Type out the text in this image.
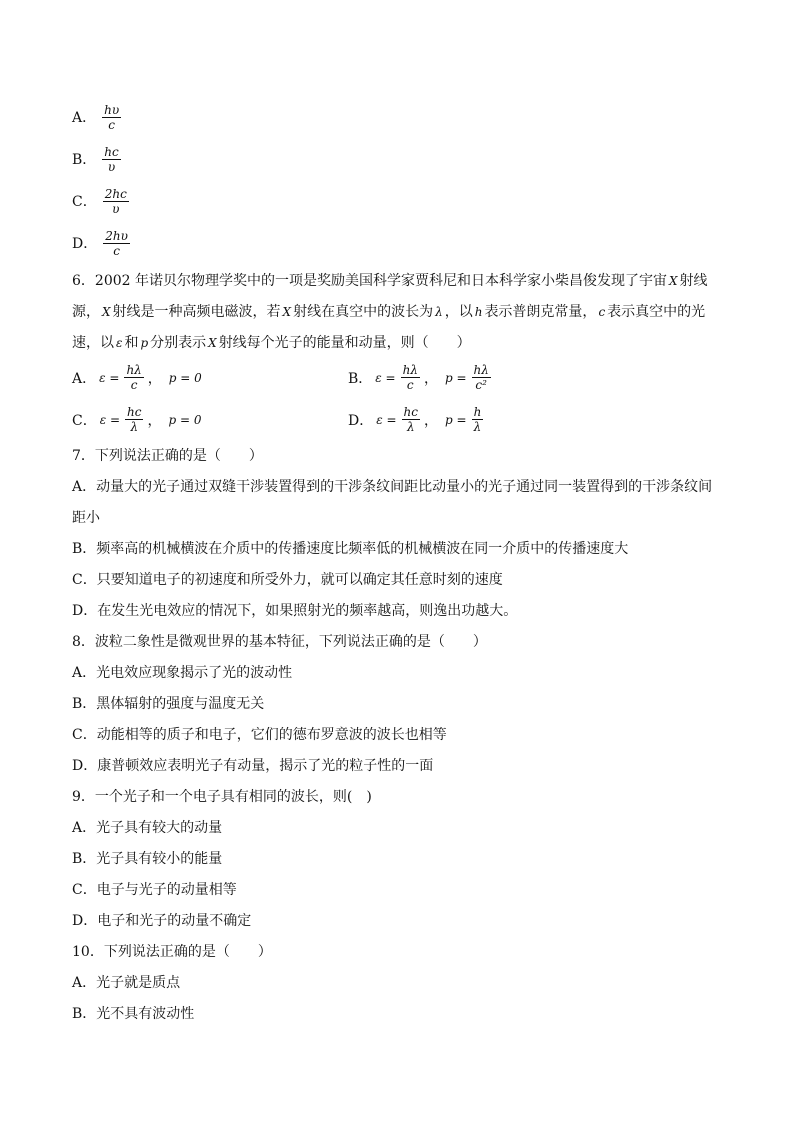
A． $\frac{h\upsilon}{c}$
B． $\frac{hc}{\upsilon}$
C． $\frac{2hc}{\upsilon}$
D． $\frac{2h\upsilon}{c}$
6．2002 年诺贝尔物理学奖中的一项是奖励美国科学家贾科尼和日本科学家小柴昌俊发现了宇宙 X 射线
源， X 射线是一种高频电磁波，若 X 射线在真空中的波长为 λ ，以 h 表示普朗克常量， c 表示真空中的光
速，以 ε 和 p 分别表示 X 射线每个光子的能量和动量，则（　　）
A． $\varepsilon = \frac{h\lambda}{c}$ ， p = 0	B． $\varepsilon = \frac{h\lambda}{c}$ ， $p = \frac{h\lambda}{\text{c²}}$
C． $\varepsilon = \frac{hc}{\lambda}$ ， p = 0	D． $\varepsilon = \frac{hc}{\lambda}$ ， $p = \frac{h}{\lambda}$
7．下列说法正确的是（　　）
A．动量大的光子通过双缝干涉装置得到的干涉条纹间距比动量小的光子通过同一装置得到的干涉条纹间
距小
B．频率高的机械横波在介质中的传播速度比频率低的机械横波在同一介质中的传播速度大
C．只要知道电子的初速度和所受外力，就可以确定其任意时刻的速度
D．在发生光电效应的情况下，如果照射光的频率越高，则逸出功越大。
8．波粒二象性是微观世界的基本特征，下列说法正确的是（　　）
A．光电效应现象揭示了光的波动性
B．黑体辐射的强度与温度无关
C．动能相等的质子和电子，它们的德布罗意波的波长也相等
D．康普顿效应表明光子有动量，揭示了光的粒子性的一面
9．一个光子和一个电子具有相同的波长，则(　)
A．光子具有较大的动量
B．光子具有较小的能量
C．电子与光子的动量相等
D．电子和光子的动量不确定
10．下列说法正确的是（　　）
A．光子就是质点
B．光不具有波动性
